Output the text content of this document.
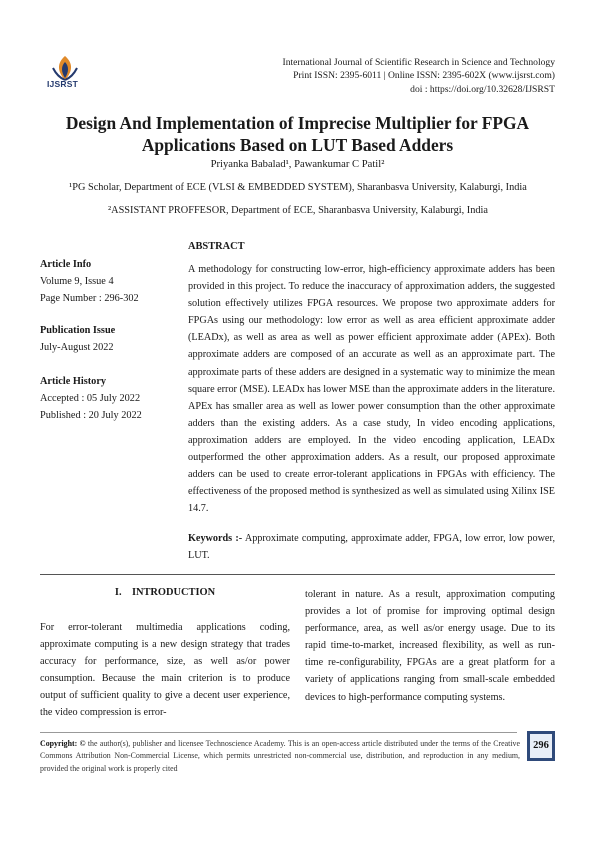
IJSRST
International Journal of Scientific Research in Science and Technology
Print ISSN: 2395-6011 | Online ISSN: 2395-602X (www.ijsrst.com)
doi : https://doi.org/10.32628/IJSRST
Design And Implementation of Imprecise Multiplier for FPGA
Applications Based on LUT Based Adders
Priyanka Babalad¹, Pawankumar C Patil²
¹PG Scholar, Department of ECE (VLSI & EMBEDDED SYSTEM), Sharanbasva University, Kalaburgi, India
²ASSISTANT PROFFESOR, Department of ECE, Sharanbasva University, Kalaburgi, India
Article Info
Volume 9, Issue 4
Page Number : 296-302
Publication Issue
July-August 2022
Article History
Accepted : 05 July 2022
Published : 20 July 2022
ABSTRACT

A methodology for constructing low-error, high-efficiency approximate adders has been provided in this project. To reduce the inaccuracy of approximation adders, the suggested solution effectively utilizes FPGA resources. We propose two approximate adders for FPGAs using our methodology: low error as well as area efficient approximate adder (LEADx), as well as area as well as power efficient approximate adder (APEx). Both approximate adders are composed of an accurate as well as an approximate part. The approximate parts of these adders are designed in a systematic way to minimize the mean square error (MSE). LEADx has lower MSE than the approximate adders in the literature. APEx has smaller area as well as lower power consumption than the other approximate adders than the existing adders. As a case study, In video encoding applications, approximation adders are employed. In the video encoding application, LEADx outperformed the other approximation adders. As a result, our proposed approximate adders can be used to create error-tolerant applications in FPGAs with efficiency. The effectiveness of the proposed method is synthesized as well as simulated using Xilinx ISE 14.7.

Keywords :- Approximate computing, approximate adder, FPGA, low error, low power, LUT.

I.    INTRODUCTION

For error-tolerant multimedia applications coding, approximate computing is a new design strategy that trades accuracy for performance, size, as well as/or power consumption. Because the main criterion is to produce output of sufficient quality to give a decent user experience, the video compression is error-

tolerant in nature. As a result, approximation computing provides a lot of promise for improving optimal design performance, area, as well as/or energy usage. Due to its rapid time-to-market, increased flexibility, as well as run-time re-configurability, FPGAs are a great platform for a variety of applications ranging from small-scale embedded devices to high-performance computing systems.

Copyright: © the author(s), publisher and licensee Technoscience Academy. This is an open-access article distributed under the terms of the Creative Commons Attribution Non-Commercial License, which permits unrestricted non-commercial use, distribution, and reproduction in any medium, provided the original work is properly cited

296
